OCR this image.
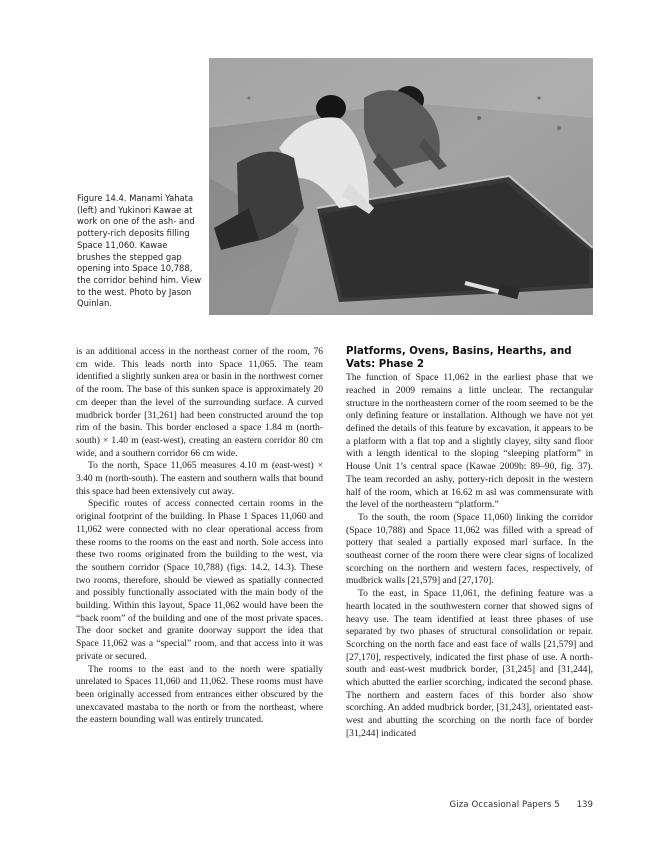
Figure 14.4. Manami Yahata (left) and Yukinori Kawae at work on one of the ash- and pottery-rich deposits filling Space 11,060. Kawae brushes the stepped gap opening into Space 10,788, the corridor behind him. View to the west. Photo by Jason Quinlan.

is an additional access in the northeast corner of the room, 76 cm wide. This leads north into Space 11,065. The team identified a slightly sunken area or basin in the northwest corner of the room. The base of this sunken space is approximately 20 cm deeper than the level of the surrounding surface. A curved mudbrick border [31,261] had been constructed around the top rim of the basin. This border enclosed a space 1.84 m (north-south) × 1.40 m (east-west), creating an eastern corridor 80 cm wide, and a southern corridor 66 cm wide.

To the north, Space 11,065 measures 4.10 m (east-west) × 3.40 m (north-south). The eastern and southern walls that bound this space had been extensively cut away.

Specific routes of access connected certain rooms in the original footprint of the building. In Phase 1 Spaces 11,060 and 11,062 were connected with no clear operational access from these rooms to the rooms on the east and north. Sole access into these two rooms originated from the building to the west, via the southern corridor (Space 10,788) (figs. 14.2, 14.3). These two rooms, therefore, should be viewed as spatially connected and possibly functionally associated with the main body of the building. Within this layout, Space 11,062 would have been the “back room” of the building and one of the most private spaces. The door socket and granite doorway support the idea that Space 11,062 was a “special” room, and that access into it was private or secured.

The rooms to the east and to the north were spatially unrelated to Spaces 11,060 and 11,062. These rooms must have been originally accessed from entrances either obscured by the unexcavated mastaba to the north or from the northeast, where the eastern bounding wall was entirely truncated.

Platforms, Ovens, Basins, Hearths, and Vats: Phase 2

The function of Space 11,062 in the earliest phase that we reached in 2009 remains a little unclear. The rectangular structure in the northeastern corner of the room seemed to be the only defining feature or installation. Although we have not yet defined the details of this feature by excavation, it appears to be a platform with a flat top and a slightly clayey, silty sand floor with a length identical to the sloping “sleeping platform” in House Unit 1’s central space (Kawae 2009b: 89–90, fig. 37). The team recorded an ashy, pottery-rich deposit in the western half of the room, which at 16.62 m asl was commensurate with the level of the northeastern “platform.”

To the south, the room (Space 11,060) linking the corridor (Space 10,788) and Space 11,062 was filled with a spread of pottery that sealed a partially exposed marl surface. In the southeast corner of the room there were clear signs of localized scorching on the northern and western faces, respectively, of mudbrick walls [21,579] and [27,170].

To the east, in Space 11,061, the defining feature was a hearth located in the southwestern corner that showed signs of heavy use. The team identified at least three phases of use separated by two phases of structural consolidation or repair. Scorching on the north face and east face of walls [21,579] and [27,170], respectively, indicated the first phase of use. A north-south and east-west mudbrick border, [31,245] and [31,244], which abutted the earlier scorching, indicated the second phase. The northern and eastern faces of this border also show scorching. An added mudbrick border, [31,243], orientated east-west and abutting the scorching on the north face of border [31,244] indicated

Giza Occasional Papers 5 139
